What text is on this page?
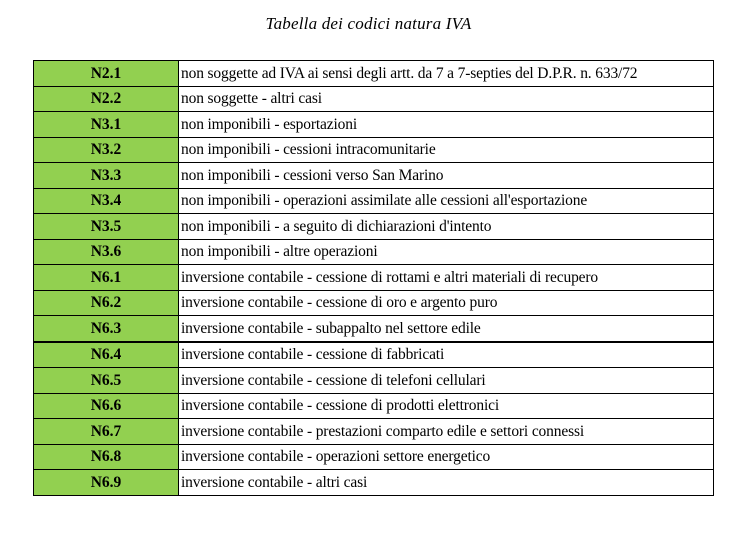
Tabella dei codici natura IVA
N2.1	non soggette ad IVA ai sensi degli artt. da 7 a 7-septies del D.P.R. n. 633/72
N2.2	non soggette - altri casi
N3.1	non imponibili - esportazioni
N3.2	non imponibili - cessioni intracomunitarie
N3.3	non imponibili - cessioni verso San Marino
N3.4	non imponibili - operazioni assimilate alle cessioni all'esportazione
N3.5	non imponibili - a seguito di dichiarazioni d'intento
N3.6	non imponibili - altre operazioni
N6.1	inversione contabile - cessione di rottami e altri materiali di recupero
N6.2	inversione contabile - cessione di oro e argento puro
N6.3	inversione contabile - subappalto nel settore edile
N6.4	inversione contabile - cessione di fabbricati
N6.5	inversione contabile - cessione di telefoni cellulari
N6.6	inversione contabile - cessione di prodotti elettronici
N6.7	inversione contabile - prestazioni comparto edile e settori connessi
N6.8	inversione contabile - operazioni settore energetico
N6.9	inversione contabile - altri casi
